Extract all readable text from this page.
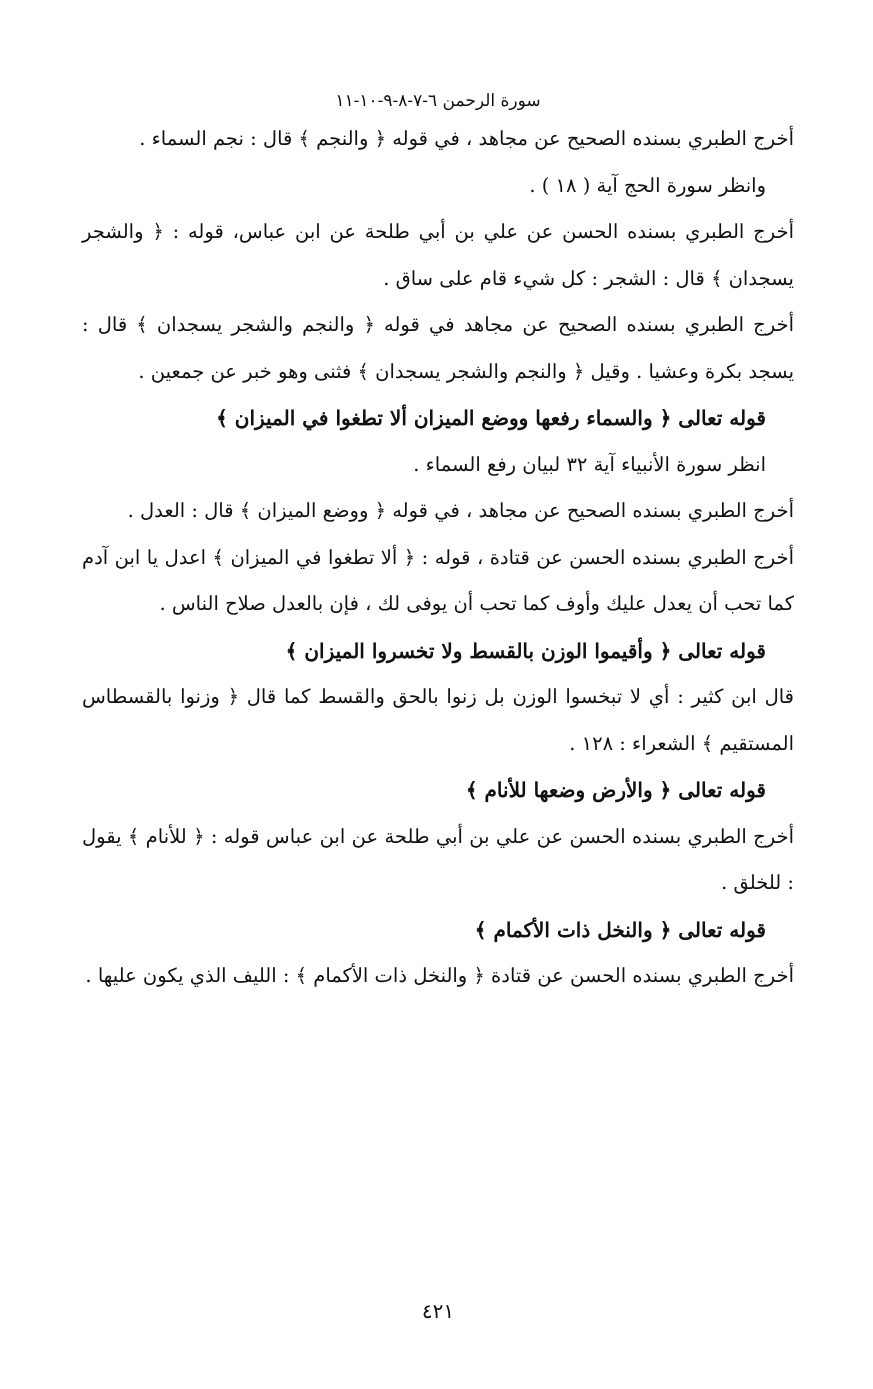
سورة الرحمن ٦-٧-٨-٩-١٠-١١

أخرج الطبري بسنده الصحيح عن مجاهد ، في قوله ﴿ والنجم ﴾ قال : نجم السماء .

وانظر سورة الحج آية ( ١٨ ) .

أخرج الطبري بسنده الحسن عن علي بن أبي طلحة عن ابن عباس، قوله : ﴿ والشجر يسجدان ﴾ قال : الشجر : كل شيء قام على ساق .

أخرج الطبري بسنده الصحيح عن مجاهد في قوله ﴿ والنجم والشجر يسجدان ﴾ قال : يسجد بكرة وعشيا . وقيل ﴿ والنجم والشجر يسجدان ﴾ فثنى وهو خبر عن جمعين .

قوله تعالى ﴿ والسماء رفعها ووضع الميزان ألا تطغوا في الميزان ﴾

انظر سورة الأنبياء آية ٣٢ لبيان رفع السماء .

أخرج الطبري بسنده الصحيح عن مجاهد ، في قوله ﴿ ووضع الميزان ﴾ قال : العدل .

أخرج الطبري بسنده الحسن عن قتادة ، قوله : ﴿ ألا تطغوا في الميزان ﴾ اعدل يا ابن آدم كما تحب أن يعدل عليك وأوف كما تحب أن يوفى لك ، فإن بالعدل صلاح الناس .

قوله تعالى ﴿ وأقيموا الوزن بالقسط ولا تخسروا الميزان ﴾

قال ابن كثير : أي لا تبخسوا الوزن بل زنوا بالحق والقسط كما قال ﴿ وزنوا بالقسطاس المستقيم ﴾ الشعراء : ١٢٨ .

قوله تعالى ﴿ والأرض وضعها للأنام ﴾

أخرج الطبري بسنده الحسن عن علي بن أبي طلحة عن ابن عباس قوله : ﴿ للأنام ﴾ يقول : للخلق .

قوله تعالى ﴿ والنخل ذات الأكمام ﴾

أخرج الطبري بسنده الحسن عن قتادة ﴿ والنخل ذات الأكمام ﴾ : الليف الذي يكون عليها .

٤٢١
